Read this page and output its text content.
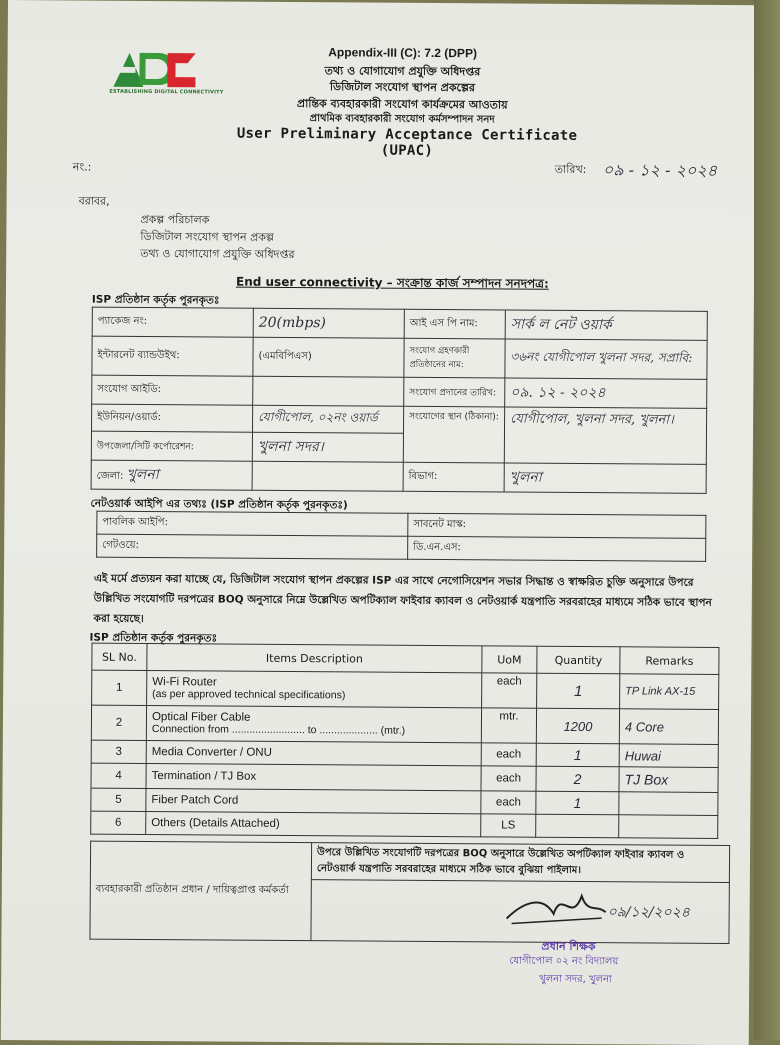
ESTABLISHING DIGITAL CONNECTIVITY
Appendix-III (C): 7.2 (DPP)
তথ্য ও যোগাযোগ প্রযুক্তি অধিদপ্তর
ডিজিটাল সংযোগ স্থাপন প্রকল্পের
প্রান্তিক ব্যবহারকারী সংযোগ কার্যক্রমের আওতায়
প্রাথমিক ব্যবহারকারী সংযোগ কর্মসম্পাদন সনদ
User Preliminary Acceptance Certificate (UPAC)
নং.:	তারিখ: ০৯ - ১২ - ২০২৪
বরাবর,
প্রকল্প পরিচালক
ডিজিটাল সংযোগ স্থাপন প্রকল্প
তথ্য ও যোগাযোগ প্রযুক্তি অধিদপ্তর
End user connectivity – সংক্রান্ত কার্জ সম্পাদন সনদপত্র:
ISP প্রতিষ্ঠান কর্তৃক পুরনকৃতঃ
প্যাকেজ নং:	20(mbps)	আই এস পি নাম:	সার্ক ল নেট ওয়ার্ক
ইন্টারনেট ব্যান্ডউইথ:	(এমবিপিএস)	সংযোগ গ্রহণকারী প্রতিষ্ঠানের নাম:	৩৬নং যোগীপোল খুলনা সদর, সপ্রাবি:
সংযোগ আইডি:		সংযোগ প্রদানের তারিখ:	০৯. ১২ - ২০২৪
ইউনিয়ন/ওয়ার্ড:	যোগীপোল, ০২নং ওয়ার্ড	সংযোগের স্থান (ঠিকানা):	যোগীপোল, খুলনা সদর, খুলনা।
উপজেলা/সিটি কর্পোরেশন:	খুলনা সদর।		
জেলা: খুলনা		বিভাগ:	খুলনা
নেটওয়ার্ক আইপি এর তথ্যঃ (ISP প্রতিষ্ঠান কর্তৃক পুরনকৃতঃ)
পাবলিক আইপি:	সাবনেট মাস্ক:
গেটওয়ে:	ডি.এন.এস:
এই মর্মে প্রত্যয়ন করা যাচ্ছে যে, ডিজিটাল সংযোগ স্থাপন প্রকল্পের ISP এর সাথে নেগোসিয়েশন সভার সিদ্ধান্ত ও স্বাক্ষরিত চুক্তি অনুসারে উপরে উল্লিখিত সংযোগটি দরপত্রের BOQ অনুসারে নিম্নে উল্লেখিত অপটিক্যাল ফাইবার ক্যাবল ও নেটওয়ার্ক যন্ত্রপাতি সরবরাহের মাধ্যমে সঠিক ভাবে স্থাপন করা হয়েছে।
ISP প্রতিষ্ঠান কর্তৃক পুরনকৃতঃ
SL No.	Items Description	UoM	Quantity	Remarks
1	Wi-Fi Router
(as per approved technical specifications)	each	1	TP Link AX-15
2	Optical Fiber Cable
Connection from ......................... to .................... (mtr.)	mtr.	1200	4 Core
3	Media Converter / ONU	each	1	Huwai
4	Termination / TJ Box	each	2	TJ Box
5	Fiber Patch Cord	each	1	
6	Others (Details Attached)	LS		
ব্যবহারকারী প্রতিষ্ঠান প্রধান / দায়িত্বপ্রাপ্ত কর্মকর্তা	উপরে উল্লিখিত সংযোগটি দরপত্রের BOQ অনুসারে উল্লেখিত অপটিক্যাল ফাইবার ক্যাবল ও নেটওয়ার্ক যন্ত্রপাতি সরবরাহের মাধ্যমে সঠিক ভাবে বুঝিয়া পাইলাম।

০৯/১২/২০২৪
প্রধান শিক্ষক
যোগীপোল ০২ নং বিদ্যালয়
খুলনা সদর, খুলনা
